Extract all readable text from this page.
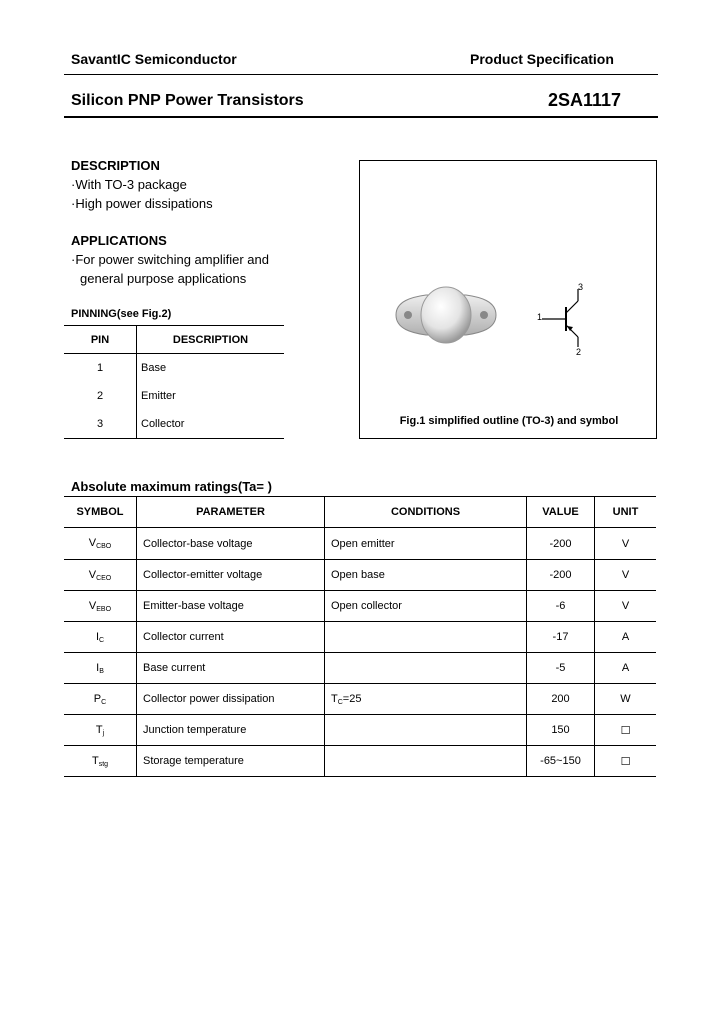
SavantIC Semiconductor	Product Specification
Silicon PNP Power Transistors	2SA1117
DESCRIPTION
·With TO-3 package
·High power dissipations
APPLICATIONS
·For power switching amplifier and
general purpose applications
PINNING(see Fig.2)
PIN	DESCRIPTION
1	Base
2	Emitter
3	Collector
1
2
3
Fig.1 simplified outline (TO-3) and symbol
Absolute maximum ratings(Ta= )
SYMBOL	PARAMETER	CONDITIONS	VALUE	UNIT
$V_{CBO}$	Collector-base voltage	Open emitter	-200	V
$V_{CEO}$	Collector-emitter voltage	Open base	-200	V
$V_{EBO}$	Emitter-base voltage	Open collector	-6	V
$I_C$	Collector current		-17	A
$I_B$	Base current		-5	A
$P_C$	Collector power dissipation	$T_C=25$	200	W
$T_j$	Junction temperature		150	☐
$T_{stg}$	Storage temperature		-65~150	☐
